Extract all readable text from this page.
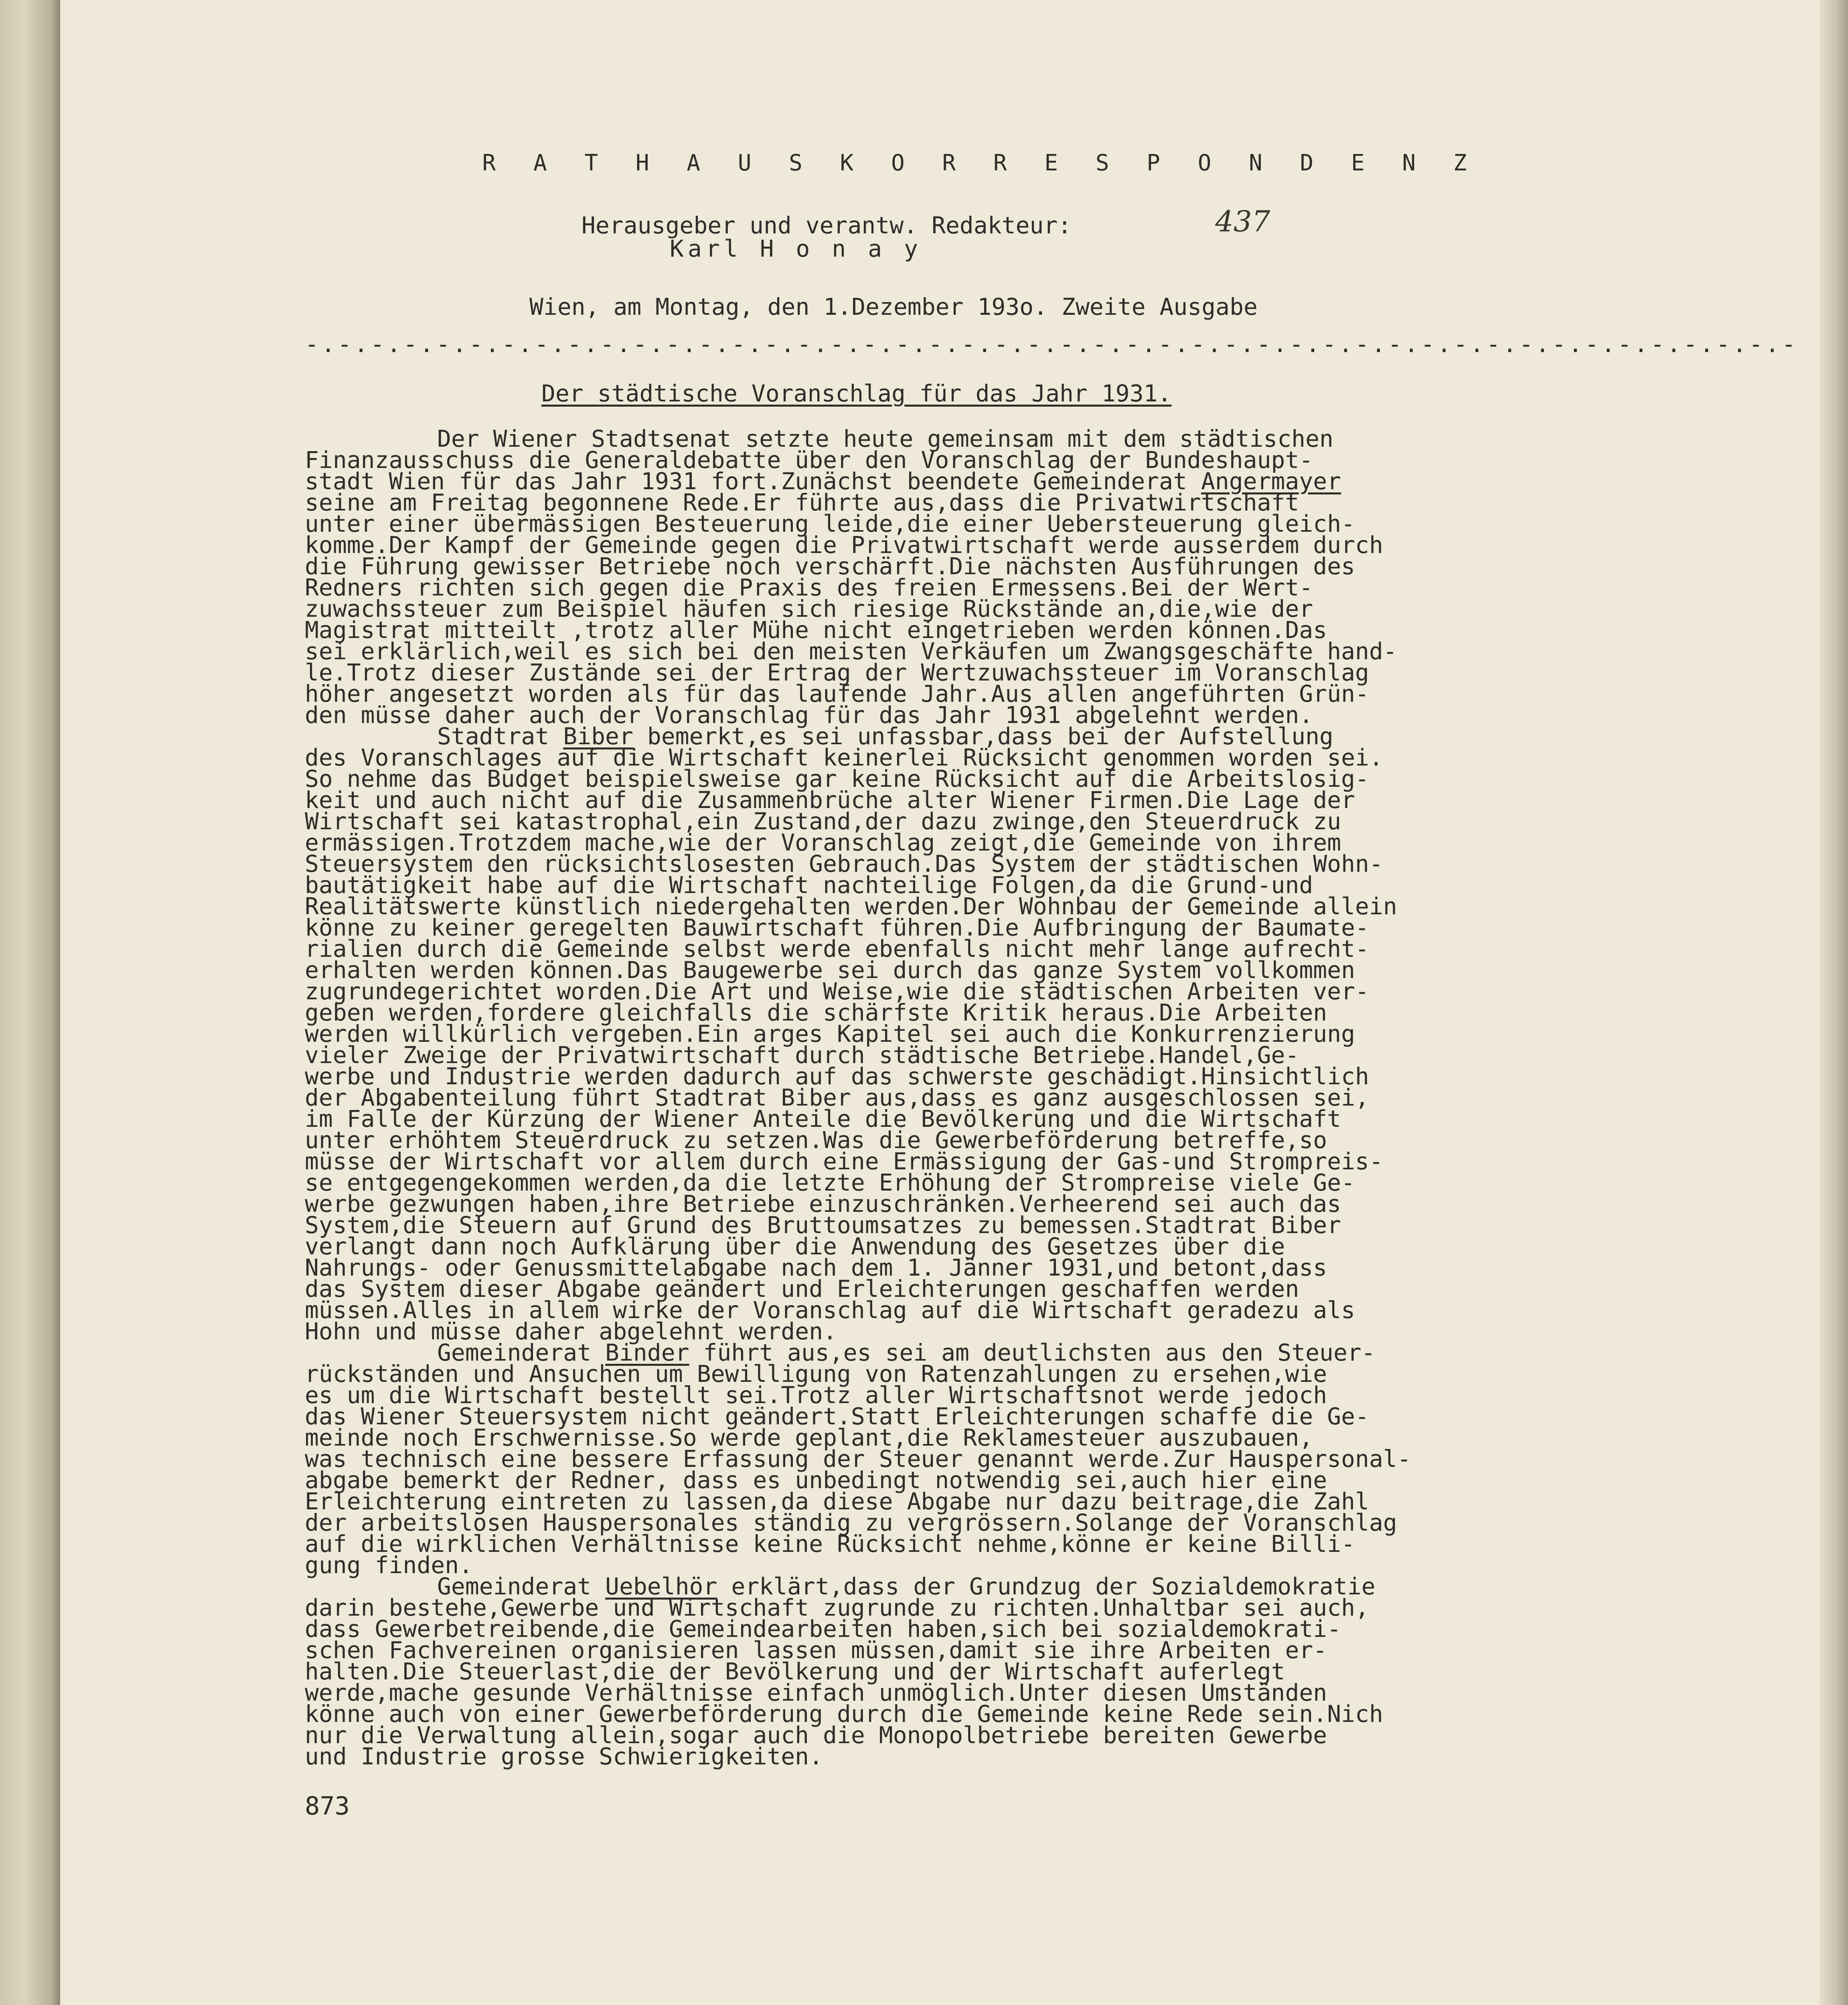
R A T H A U S K O R R E S P O N D E N Z
Herausgeber und verantw. Redakteur:
Karl H o n a y
437
Wien, am Montag, den 1.Dezember 193o. Zweite Ausgabe
-.-.-.-.-.-.-.-.-.-.-.-.-.-.-.-.-.-.-.-.-.-.-.-.-.-.-.-.-.-.-.-.-.-.-.-.-.-.-.-.-.-.-.-.-.-
Der städtische Voranschlag für das Jahr 1931.
Der Wiener Stadtsenat setzte heute gemeinsam mit dem städtischen
Finanzausschuss die Generaldebatte über den Voranschlag der Bundeshaupt-
stadt Wien für das Jahr 1931 fort.Zunächst beendete Gemeinderat Angermayer
seine am Freitag begonnene Rede.Er führte aus,dass die Privatwirtschaft
unter einer übermässigen Besteuerung leide,die einer Uebersteuerung gleich-
komme.Der Kampf der Gemeinde gegen die Privatwirtschaft werde ausserdem durch
die Führung gewisser Betriebe noch verschärft.Die nächsten Ausführungen des
Redners richten sich gegen die Praxis des freien Ermessens.Bei der Wert-
zuwachssteuer zum Beispiel häufen sich riesige Rückstände an,die,wie der
Magistrat mitteilt ,trotz aller Mühe nicht eingetrieben werden können.Das
sei erklärlich,weil es sich bei den meisten Verkäufen um Zwangsgeschäfte hand-
le.Trotz dieser Zustände sei der Ertrag der Wertzuwachssteuer im Voranschlag
höher angesetzt worden als für das laufende Jahr.Aus allen angeführten Grün-
den müsse daher auch der Voranschlag für das Jahr 1931 abgelehnt werden.
Stadtrat Biber bemerkt,es sei unfassbar,dass bei der Aufstellung
des Voranschlages auf die Wirtschaft keinerlei Rücksicht genommen worden sei.
So nehme das Budget beispielsweise gar keine Rücksicht auf die Arbeitslosig-
keit und auch nicht auf die Zusammenbrüche alter Wiener Firmen.Die Lage der
Wirtschaft sei katastrophal,ein Zustand,der dazu zwinge,den Steuerdruck zu
ermässigen.Trotzdem mache,wie der Voranschlag zeigt,die Gemeinde von ihrem
Steuersystem den rücksichtslosesten Gebrauch.Das System der städtischen Wohn-
bautätigkeit habe auf die Wirtschaft nachteilige Folgen,da die Grund-und
Realitätswerte künstlich niedergehalten werden.Der Wohnbau der Gemeinde allein
könne zu keiner geregelten Bauwirtschaft führen.Die Aufbringung der Baumate-
rialien durch die Gemeinde selbst werde ebenfalls nicht mehr lange aufrecht-
erhalten werden können.Das Baugewerbe sei durch das ganze System vollkommen
zugrundegerichtet worden.Die Art und Weise,wie die städtischen Arbeiten ver-
geben werden,fordere gleichfalls die schärfste Kritik heraus.Die Arbeiten
werden willkürlich vergeben.Ein arges Kapitel sei auch die Konkurrenzierung
vieler Zweige der Privatwirtschaft durch städtische Betriebe.Handel,Ge-
werbe und Industrie werden dadurch auf das schwerste geschädigt.Hinsichtlich
der Abgabenteilung führt Stadtrat Biber aus,dass es ganz ausgeschlossen sei,
im Falle der Kürzung der Wiener Anteile die Bevölkerung und die Wirtschaft
unter erhöhtem Steuerdruck zu setzen.Was die Gewerbeförderung betreffe,so
müsse der Wirtschaft vor allem durch eine Ermässigung der Gas-und Strompreis-
se entgegengekommen werden,da die letzte Erhöhung der Strompreise viele Ge-
werbe gezwungen haben,ihre Betriebe einzuschränken.Verheerend sei auch das
System,die Steuern auf Grund des Bruttoumsatzes zu bemessen.Stadtrat Biber
verlangt dann noch Aufklärung über die Anwendung des Gesetzes über die
Nahrungs- oder Genussmittelabgabe nach dem 1. Jänner 1931,und betont,dass
das System dieser Abgabe geändert und Erleichterungen geschaffen werden
müssen.Alles in allem wirke der Voranschlag auf die Wirtschaft geradezu als
Hohn und müsse daher abgelehnt werden.
Gemeinderat Binder führt aus,es sei am deutlichsten aus den Steuer-
rückständen und Ansuchen um Bewilligung von Ratenzahlungen zu ersehen,wie
es um die Wirtschaft bestellt sei.Trotz aller Wirtschaftsnot werde jedoch
das Wiener Steuersystem nicht geändert.Statt Erleichterungen schaffe die Ge-
meinde noch Erschwernisse.So werde geplant,die Reklamesteuer auszubauen,
was technisch eine bessere Erfassung der Steuer genannt werde.Zur Hauspersonal-
abgabe bemerkt der Redner, dass es unbedingt notwendig sei,auch hier eine
Erleichterung eintreten zu lassen,da diese Abgabe nur dazu beitrage,die Zahl
der arbeitslosen Hauspersonales ständig zu vergrössern.Solange der Voranschlag
auf die wirklichen Verhältnisse keine Rücksicht nehme,könne er keine Billi-
gung finden.
Gemeinderat Uebelhör erklärt,dass der Grundzug der Sozialdemokratie
darin bestehe,Gewerbe und Wirtschaft zugrunde zu richten.Unhaltbar sei auch,
dass Gewerbetreibende,die Gemeindearbeiten haben,sich bei sozialdemokrati-
schen Fachvereinen organisieren lassen müssen,damit sie ihre Arbeiten er-
halten.Die Steuerlast,die der Bevölkerung und der Wirtschaft auferlegt
werde,mache gesunde Verhältnisse einfach unmöglich.Unter diesen Umständen
könne auch von einer Gewerbeförderung durch die Gemeinde keine Rede sein.Nich
nur die Verwaltung allein,sogar auch die Monopolbetriebe bereiten Gewerbe
und Industrie grosse Schwierigkeiten.
873
